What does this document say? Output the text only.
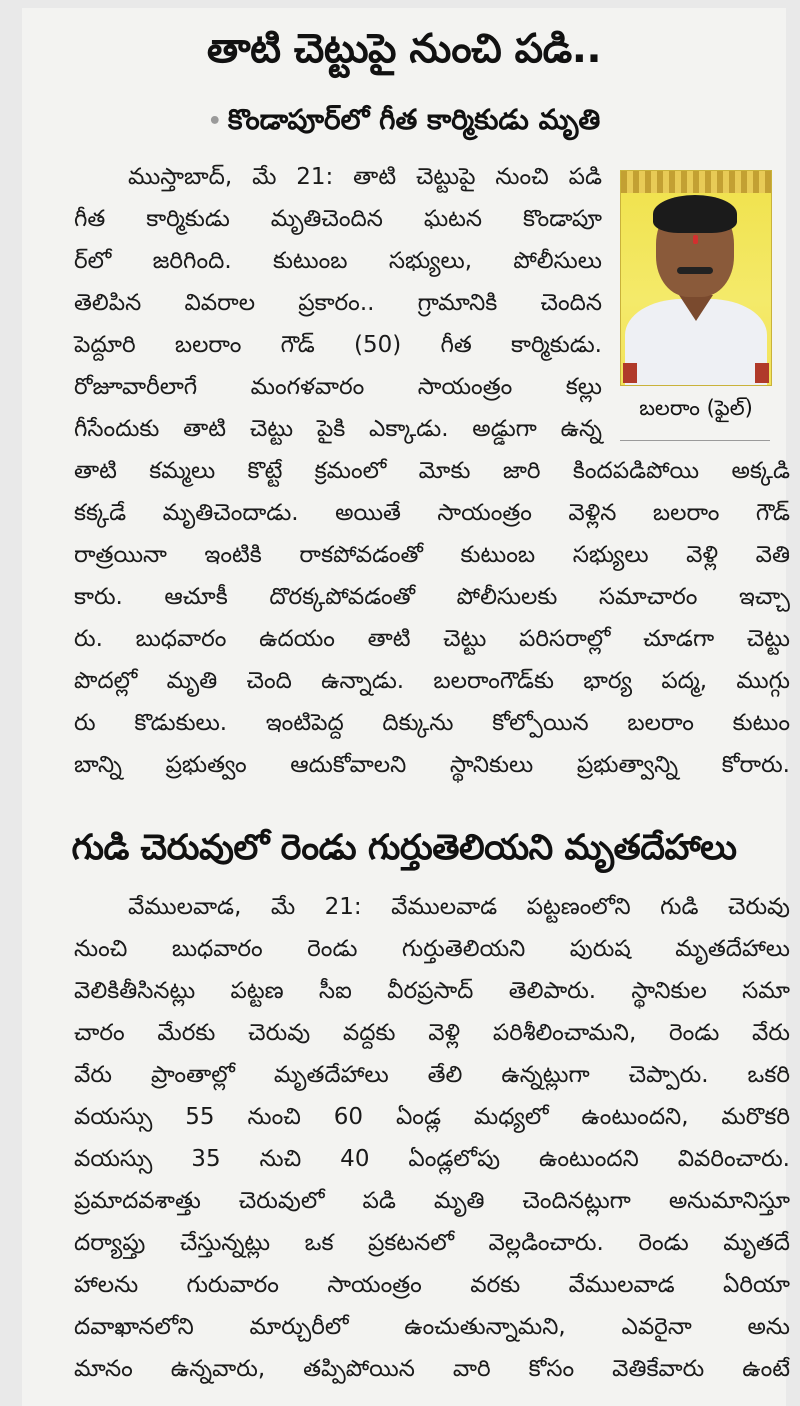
తాటి చెట్టుపై నుంచి పడి..
• కొండాపూర్‌లో గీత కార్మికుడు మృతి
బలరాం (ఫైల్)
ముస్తాబాద్, మే 21: తాటి చెట్టుపై నుంచి పడి
గీత కార్మికుడు మృతిచెందిన ఘటన కొండాపూ
ర్‌లో జరిగింది. కుటుంబ సభ్యులు, పోలీసులు
తెలిపిన వివరాల ప్రకారం.. గ్రామానికి చెందిన
పెద్దూరి బలరాం గౌడ్ (50) గీత కార్మికుడు.
రోజూవారీలాగే మంగళవారం సాయంత్రం కల్లు
గీసేందుకు తాటి చెట్టు పైకి ఎక్కాడు. అడ్డుగా ఉన్న
తాటి కమ్మలు కొట్టే క్రమంలో మోకు జారి కిందపడిపోయి అక్కడి
కక్కడే మృతిచెందాడు. అయితే సాయంత్రం వెళ్లిన బలరాం గౌడ్
రాత్రయినా ఇంటికి రాకపోవడంతో కుటుంబ సభ్యులు వెళ్లి వెతి
కారు. ఆచూకీ దొరక్కపోవడంతో పోలీసులకు సమాచారం ఇచ్చా
రు. బుధవారం ఉదయం తాటి చెట్టు పరిసరాల్లో చూడగా చెట్టు
పొదల్లో మృతి చెంది ఉన్నాడు. బలరాంగౌడ్‌కు భార్య పద్మ, ముగ్గు
రు కొడుకులు. ఇంటిపెద్ద దిక్కును కోల్పోయిన బలరాం కుటుం
బాన్ని ప్రభుత్వం ఆదుకోవాలని స్థానికులు ప్రభుత్వాన్ని కోరారు.
గుడి చెరువులో రెండు గుర్తుతెలియని మృతదేహాలు
వేములవాడ, మే 21: వేములవాడ పట్టణంలోని గుడి చెరువు
నుంచి బుధవారం రెండు గుర్తుతెలియని పురుష మృతదేహాలు
వెలికితీసినట్లు పట్టణ సీఐ వీరప్రసాద్ తెలిపారు. స్థానికుల సమా
చారం మేరకు చెరువు వద్దకు వెళ్లి పరిశీలించామని, రెండు వేరు
వేరు ప్రాంతాల్లో మృతదేహాలు తేలి ఉన్నట్లుగా చెప్పారు. ఒకరి
వయస్సు 55 నుంచి 60 ఏండ్ల మధ్యలో ఉంటుందని, మరొకరి
వయస్సు 35 నుచి 40 ఏండ్లలోపు ఉంటుందని వివరించారు.
ప్రమాదవశాత్తు చెరువులో పడి మృతి చెందినట్లుగా అనుమానిస్తూ
దర్యాప్తు చేస్తున్నట్లు ఒక ప్రకటనలో వెల్లడించారు. రెండు మృతదే
హాలను గురువారం సాయంత్రం వరకు వేములవాడ ఏరియా
దవాఖానలోని మార్చురీలో ఉంచుతున్నామని, ఎవరైనా అను
మానం ఉన్నవారు, తప్పిపోయిన వారి కోసం వెతికేవారు ఉంటే
